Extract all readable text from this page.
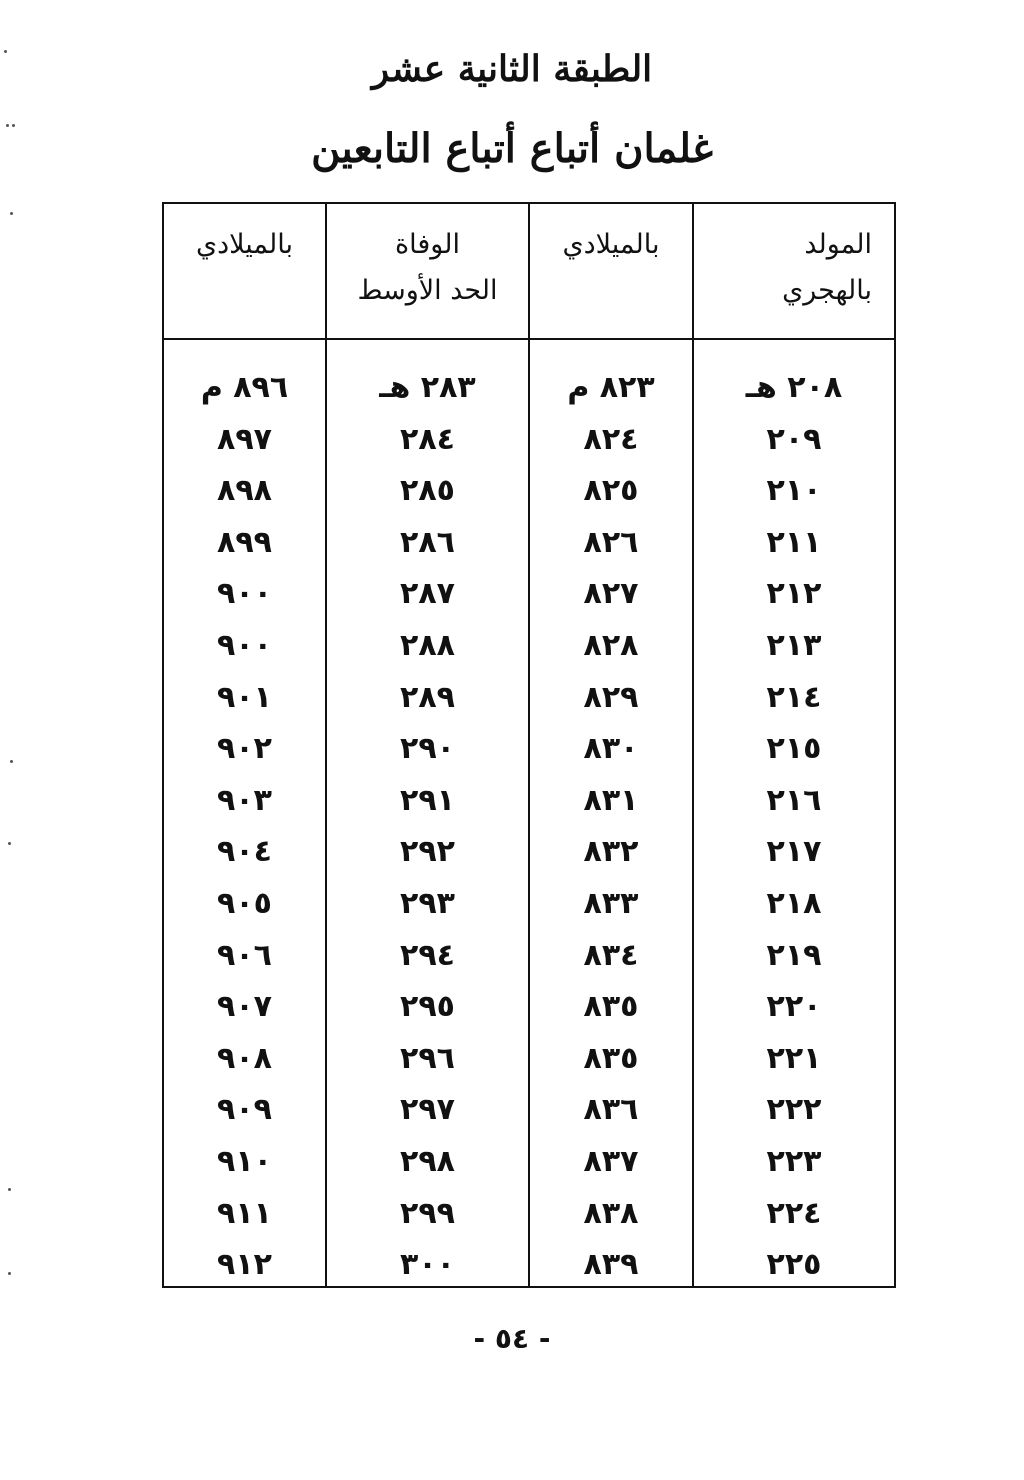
الطبقة الثانية عشر
غلمان أتباع أتباع التابعين
المولد
بالهجري
بالميلادي
الوفاة
الحد الأوسط
بالميلادي
٢٠٨ هـ
٢٠٩
٢١٠
٢١١
٢١٢
٢١٣
٢١٤
٢١٥
٢١٦
٢١٧
٢١٨
٢١٩
٢٢٠
٢٢١
٢٢٢
٢٢٣
٢٢٤
٢٢٥
٨٢٣ م
٨٢٤
٨٢٥
٨٢٦
٨٢٧
٨٢٨
٨٢٩
٨٣٠
٨٣١
٨٣٢
٨٣٣
٨٣٤
٨٣٥
٨٣٥
٨٣٦
٨٣٧
٨٣٨
٨٣٩
٢٨٣ هـ
٢٨٤
٢٨٥
٢٨٦
٢٨٧
٢٨٨
٢٨٩
٢٩٠
٢٩١
٢٩٢
٢٩٣
٢٩٤
٢٩٥
٢٩٦
٢٩٧
٢٩٨
٢٩٩
٣٠٠
٨٩٦ م
٨٩٧
٨٩٨
٨٩٩
٩٠٠
٩٠٠
٩٠١
٩٠٢
٩٠٣
٩٠٤
٩٠٥
٩٠٦
٩٠٧
٩٠٨
٩٠٩
٩١٠
٩١١
٩١٢
- ٥٤ -
